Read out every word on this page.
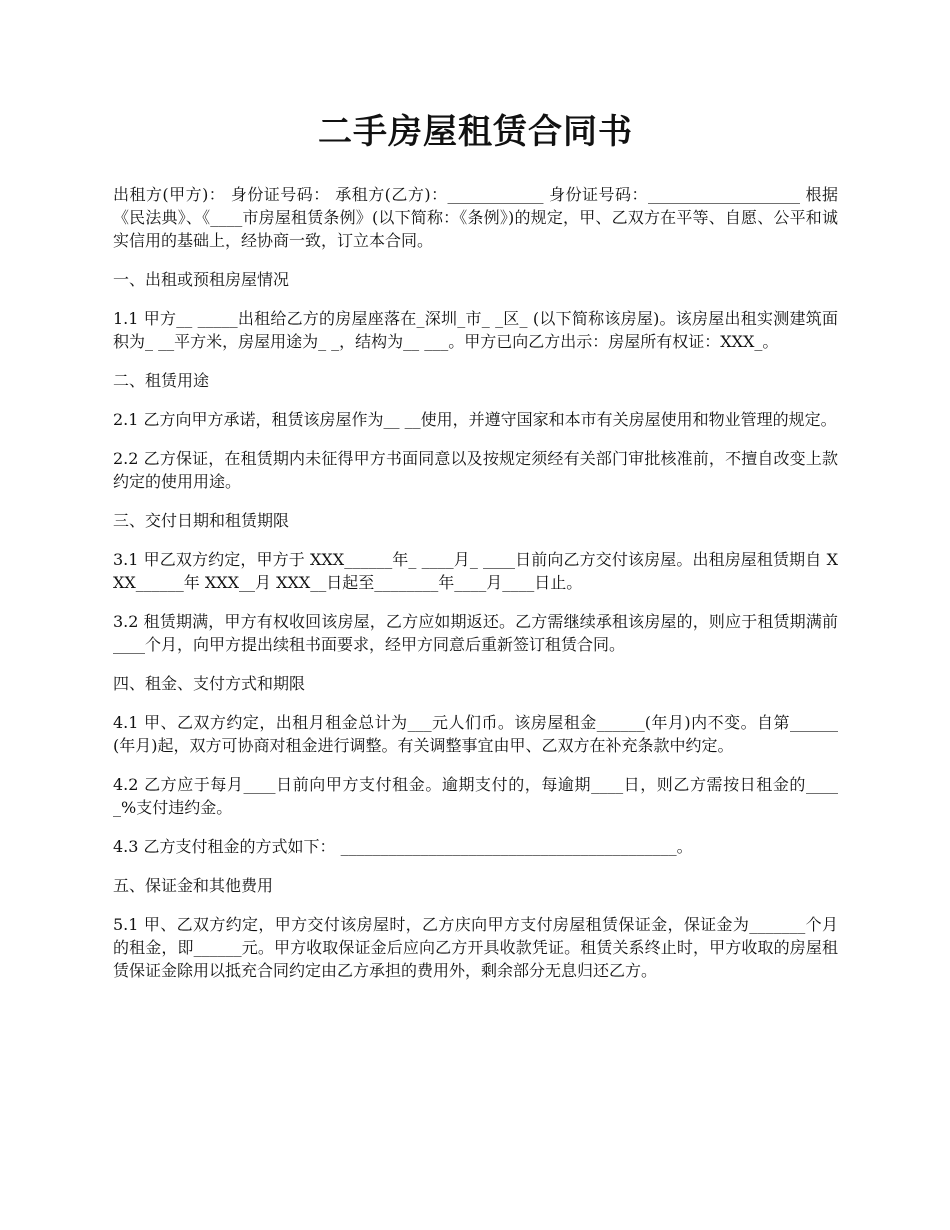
二手房屋租赁合同书

出租方(甲方)： 身份证号码： 承租方(乙方)：____________ 身份证号码：___________________ 根据《民法典》、《____市房屋租赁条例》(以下简称：《条例》)的规定，甲、乙双方在平等、自愿、公平和诚实信用的基础上，经协商一致，订立本合同。

一、出租或预租房屋情况

1.1 甲方__ _____出租给乙方的房屋座落在_深圳_市_ _区_ (以下简称该房屋)。该房屋出租实测建筑面积为_ __平方米，房屋用途为_ _，结构为__ ___。甲方已向乙方出示：房屋所有权证：XXX_。

二、租赁用途

2.1 乙方向甲方承诺，租赁该房屋作为__ __使用，并遵守国家和本市有关房屋使用和物业管理的规定。

2.2 乙方保证，在租赁期内未征得甲方书面同意以及按规定须经有关部门审批核准前，不擅自改变上款约定的使用用途。

三、交付日期和租赁期限

3.1 甲乙双方约定，甲方于 XXX______年_ ____月_ ____日前向乙方交付该房屋。出租房屋租赁期自 XXX______年 XXX__月 XXX__日起至________年____月____日止。

3.2 租赁期满，甲方有权收回该房屋，乙方应如期返还。乙方需继续承租该房屋的，则应于租赁期满前____个月，向甲方提出续租书面要求，经甲方同意后重新签订租赁合同。

四、租金、支付方式和期限

4.1 甲、乙双方约定，出租月租金总计为___元人们币。该房屋租金______(年月)内不变。自第______(年月)起，双方可协商对租金进行调整。有关调整事宜由甲、乙双方在补充条款中约定。

4.2 乙方应于每月____日前向甲方支付租金。逾期支付的，每逾期____日，则乙方需按日租金的_____%支付违约金。

4.3 乙方支付租金的方式如下： __________________________________________。

五、保证金和其他费用

5.1 甲、乙双方约定，甲方交付该房屋时，乙方庆向甲方支付房屋租赁保证金，保证金为_______个月的租金，即______元。甲方收取保证金后应向乙方开具收款凭证。租赁关系终止时，甲方收取的房屋租赁保证金除用以抵充合同约定由乙方承担的费用外，剩余部分无息归还乙方。
